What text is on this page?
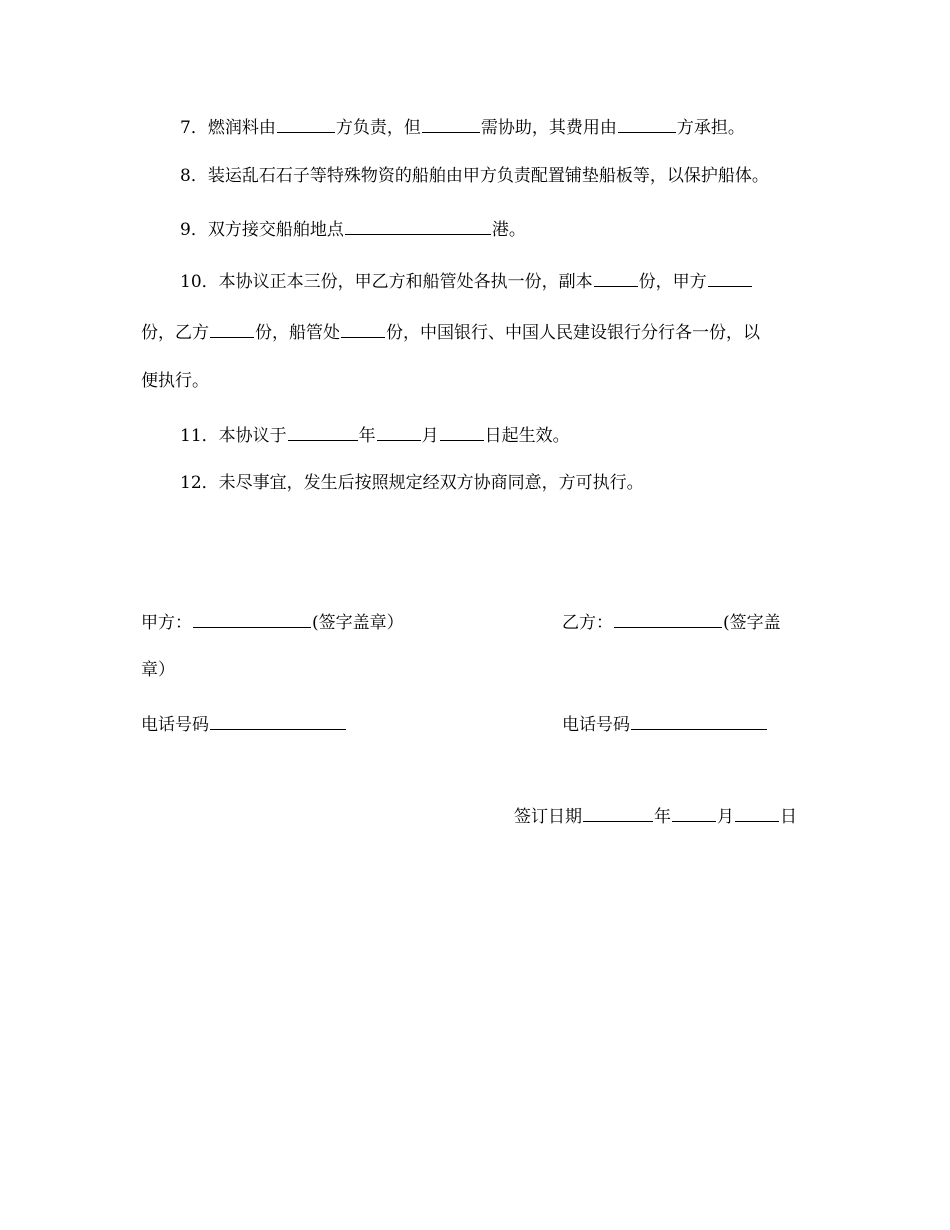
7．燃润料由	方负责，但	需协助，其费用由	方承担。
8．装运乱石石子等特殊物资的船舶由甲方负责配置铺垫船板等，以保护船体。
9．双方接交船舶地点	港。
10．本协议正本三份，甲乙方和船管处各执一份，副本	份，甲方
份，乙方	份，船管处	份，中国银行、中国人民建设银行分行各一份，以
便执行。
11．本协议于	年	月	日起生效。
12．未尽事宜，发生后按照规定经双方协商同意，方可执行。
甲方：	(签字盖章）	乙方：	(签字盖
章）
电话号码	电话号码
签订日期	年	月	日
